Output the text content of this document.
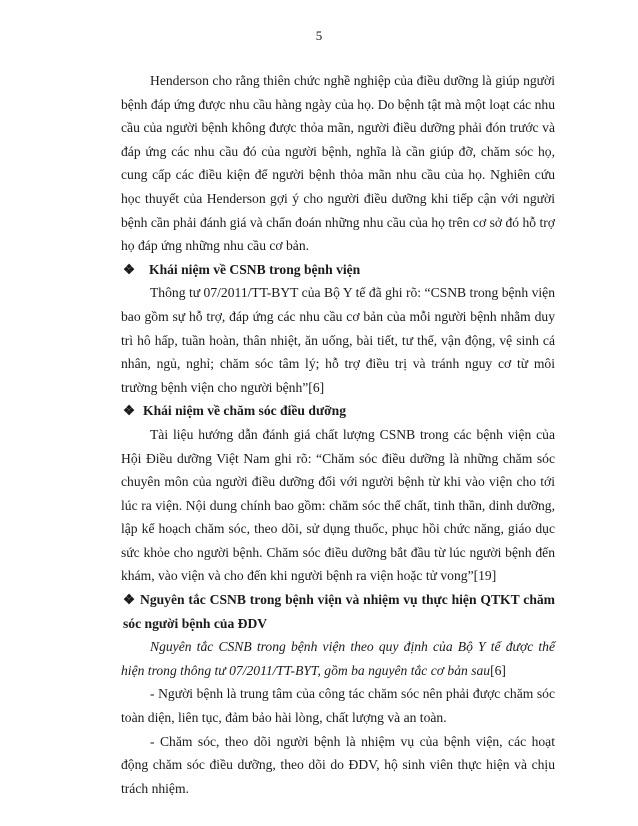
5

Henderson cho rằng thiên chức nghề nghiệp của điều dưỡng là giúp người bệnh đáp ứng được nhu cầu hàng ngày của họ. Do bệnh tật mà một loạt các nhu cầu của người bệnh không được thỏa mãn, người điều dưỡng phải đón trước và đáp ứng các nhu cầu đó của người bệnh, nghĩa là cần giúp đỡ, chăm sóc họ, cung cấp các điều kiện để người bệnh thỏa mãn nhu cầu của họ. Nghiên cứu học thuyết của Henderson gợi ý cho người điều dưỡng khi tiếp cận với người bệnh cần phải đánh giá và chẩn đoán những nhu cầu của họ trên cơ sở đó hỗ trợ họ đáp ứng những nhu cầu cơ bản.

❖ Khái niệm về CSNB trong bệnh viện

Thông tư 07/2011/TT-BYT của Bộ Y tế đã ghi rõ: “CSNB trong bệnh viện bao gồm sự hỗ trợ, đáp ứng các nhu cầu cơ bản của mỗi người bệnh nhằm duy trì hô hấp, tuần hoàn, thân nhiệt, ăn uống, bài tiết, tư thế, vận động, vệ sinh cá nhân, ngủ, nghỉ; chăm sóc tâm lý; hỗ trợ điều trị và tránh nguy cơ từ môi trường bệnh viện cho người bệnh”[6]

❖ Khái niệm về chăm sóc điều dưỡng

Tài liệu hướng dẫn đánh giá chất lượng CSNB trong các bệnh viện của Hội Điều dưỡng Việt Nam ghi rõ: “Chăm sóc điều dưỡng là những chăm sóc chuyên môn của người điều dưỡng đối với người bệnh từ khi vào viện cho tới lúc ra viện. Nội dung chính bao gồm: chăm sóc thể chất, tinh thần, dinh dưỡng, lập kế hoạch chăm sóc, theo dõi, sử dụng thuốc, phục hồi chức năng, giáo dục sức khỏe cho người bệnh. Chăm sóc điều dưỡng bắt đầu từ lúc người bệnh đến khám, vào viện và cho đến khi người bệnh ra viện hoặc tử vong”[19]

❖ Nguyên tắc CSNB trong bệnh viện và nhiệm vụ thực hiện QTKT chăm sóc người bệnh của ĐDV

Nguyên tắc CSNB trong bệnh viện theo quy định của Bộ Y tế được thể hiện trong thông tư 07/2011/TT-BYT, gồm ba nguyên tắc cơ bản sau[6]

- Người bệnh là trung tâm của công tác chăm sóc nên phải được chăm sóc toàn diện, liên tục, đảm bảo hài lòng, chất lượng và an toàn.

- Chăm sóc, theo dõi người bệnh là nhiệm vụ của bệnh viện, các hoạt động chăm sóc điều dưỡng, theo dõi do ĐDV, hộ sinh viên thực hiện và chịu trách nhiệm.
